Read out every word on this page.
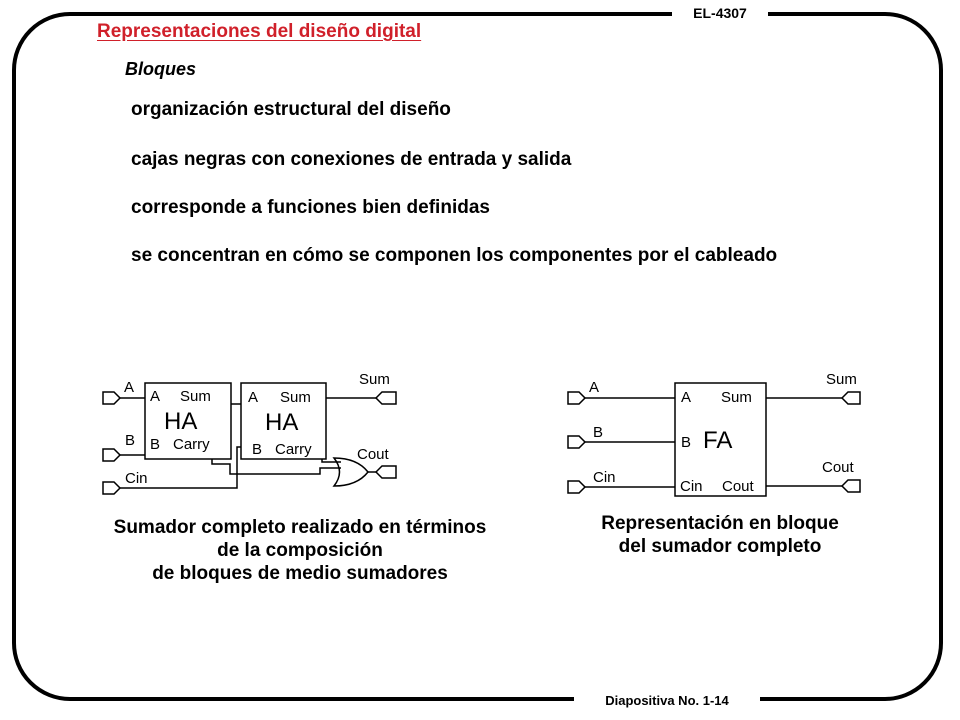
EL-4307
Representaciones del diseño digital
Bloques
organización estructural del diseño
cajas negras con conexiones de entrada y salida
corresponde a funciones bien definidas
se concentran en cómo se componen los componentes por el cableado
A
B
Cin
Sum
Cout
A Sum
HA
B Carry
A Sum
HA
B Carry
A
B
Cin
Sum
Cout
A Sum
B FA
Cin Cout
Sumador completo realizado en términos
de la composición
de bloques de medio sumadores
Representación en bloque
del sumador completo
Diapositiva No. 1-14
